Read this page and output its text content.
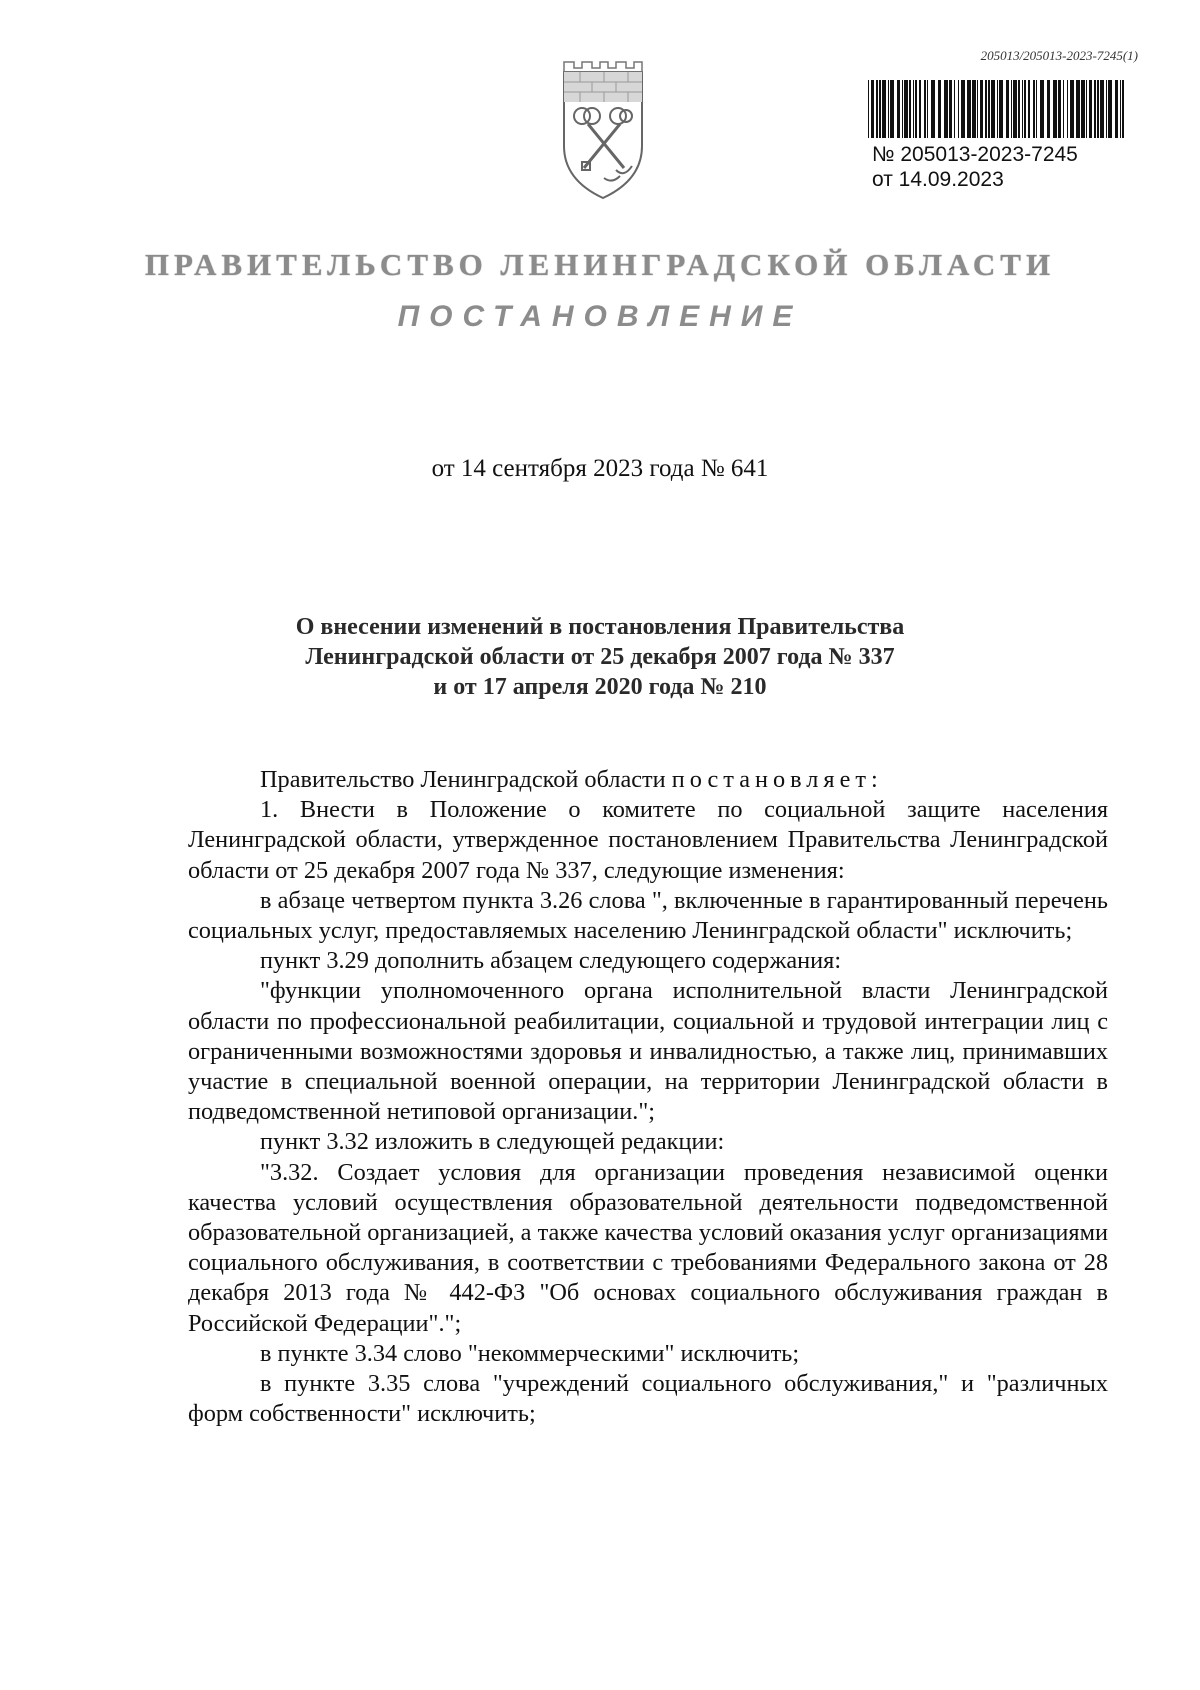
205013/205013-2023-7245(1)
№ 205013-2023-7245
от 14.09.2023
ПРАВИТЕЛЬСТВО ЛЕНИНГРАДСКОЙ ОБЛАСТИ
ПОСТАНОВЛЕНИЕ
от 14 сентября 2023 года № 641
О внесении изменений в постановления Правительства
Ленинградской области от 25 декабря 2007 года № 337
и от 17 апреля 2020 года № 210

Правительство Ленинградской области постановляет:

1. Внести в Положение о комитете по социальной защите населения Ленинградской области, утвержденное постановлением Правительства Ленинградской области от 25 декабря 2007 года № 337, следующие изменения:

в абзаце четвертом пункта 3.26 слова ", включенные в гарантированный перечень социальных услуг, предоставляемых населению Ленинградской области" исключить;

пункт 3.29 дополнить абзацем следующего содержания:

"функции уполномоченного органа исполнительной власти Ленинградской области по профессиональной реабилитации, социальной и трудовой интеграции лиц с ограниченными возможностями здоровья и инвалидностью, а также лиц, принимавших участие в специальной военной операции, на территории Ленинградской области в подведомственной нетиповой организации.";

пункт 3.32 изложить в следующей редакции:

"3.32. Создает условия для организации проведения независимой оценки качества условий осуществления образовательной деятельности подведомственной образовательной организацией, а также качества условий оказания услуг организациями социального обслуживания, в соответствии с требованиями Федерального закона от 28 декабря 2013 года № 442-ФЗ "Об основах социального обслуживания граждан в Российской Федерации".";

в пункте 3.34 слово "некоммерческими" исключить;

в пункте 3.35 слова "учреждений социального обслуживания," и "различных форм собственности" исключить;
